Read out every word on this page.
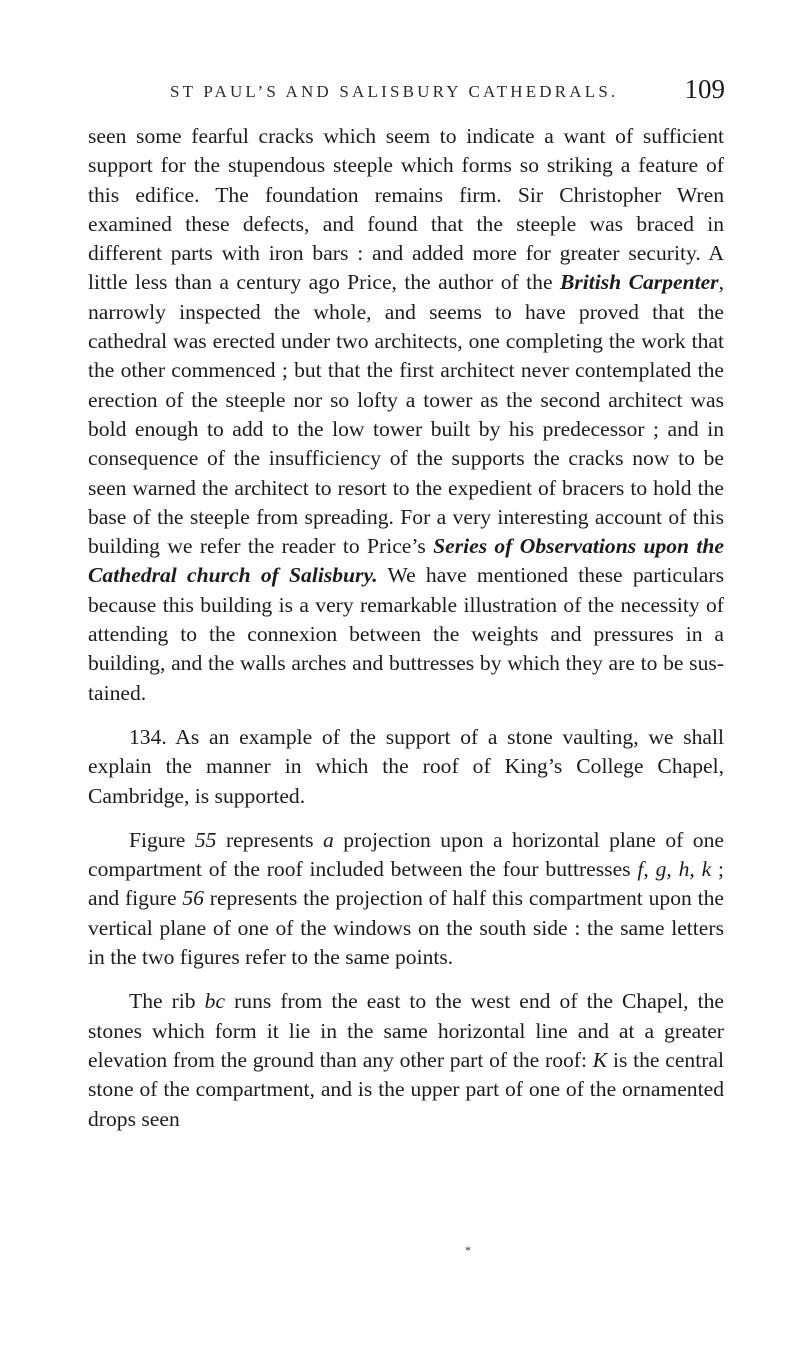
ST PAUL’S AND SALISBURY CATHEDRALS. 109

seen some fearful cracks which seem to indicate a want of sufficient support for the stupendous steeple which forms so striking a feature of this edifice. The foundation remains firm. Sir Christopher Wren examined these defects, and found that the steeple was braced in different parts with iron bars : and added more for greater security. A little less than a century ago Price, the author of the British Carpenter, narrowly inspected the whole, and seems to have proved that the cathedral was erected under two architects, one completing the work that the other commenced ; but that the first architect never contemplated the erection of the steeple nor so lofty a tower as the second architect was bold enough to add to the low tower built by his predecessor ; and in consequence of the insufficiency of the supports the cracks now to be seen warned the architect to resort to the expedient of bracers to hold the base of the steeple from spreading. For a very interesting account of this building we refer the reader to Price’s Series of Observations upon the Cathedral church of Salisbury. We have mentioned these particulars because this building is a very remarkable illustration of the necessity of attending to the connexion between the weights and pressures in a building, and the walls arches and buttresses by which they are to be sustained.

134. As an example of the support of a stone vaulting, we shall explain the manner in which the roof of King’s College Chapel, Cambridge, is supported.

Figure 55 represents a projection upon a horizontal plane of one compartment of the roof included between the four buttresses f, g, h, k ; and figure 56 represents the projection of half this compartment upon the vertical plane of one of the windows on the south side : the same letters in the two figures refer to the same points.

The rib bc runs from the east to the west end of the Chapel, the stones which form it lie in the same horizontal line and at a greater elevation from the ground than any other part of the roof: K is the central stone of the compartment, and is the upper part of one of the ornamented drops seen

*
